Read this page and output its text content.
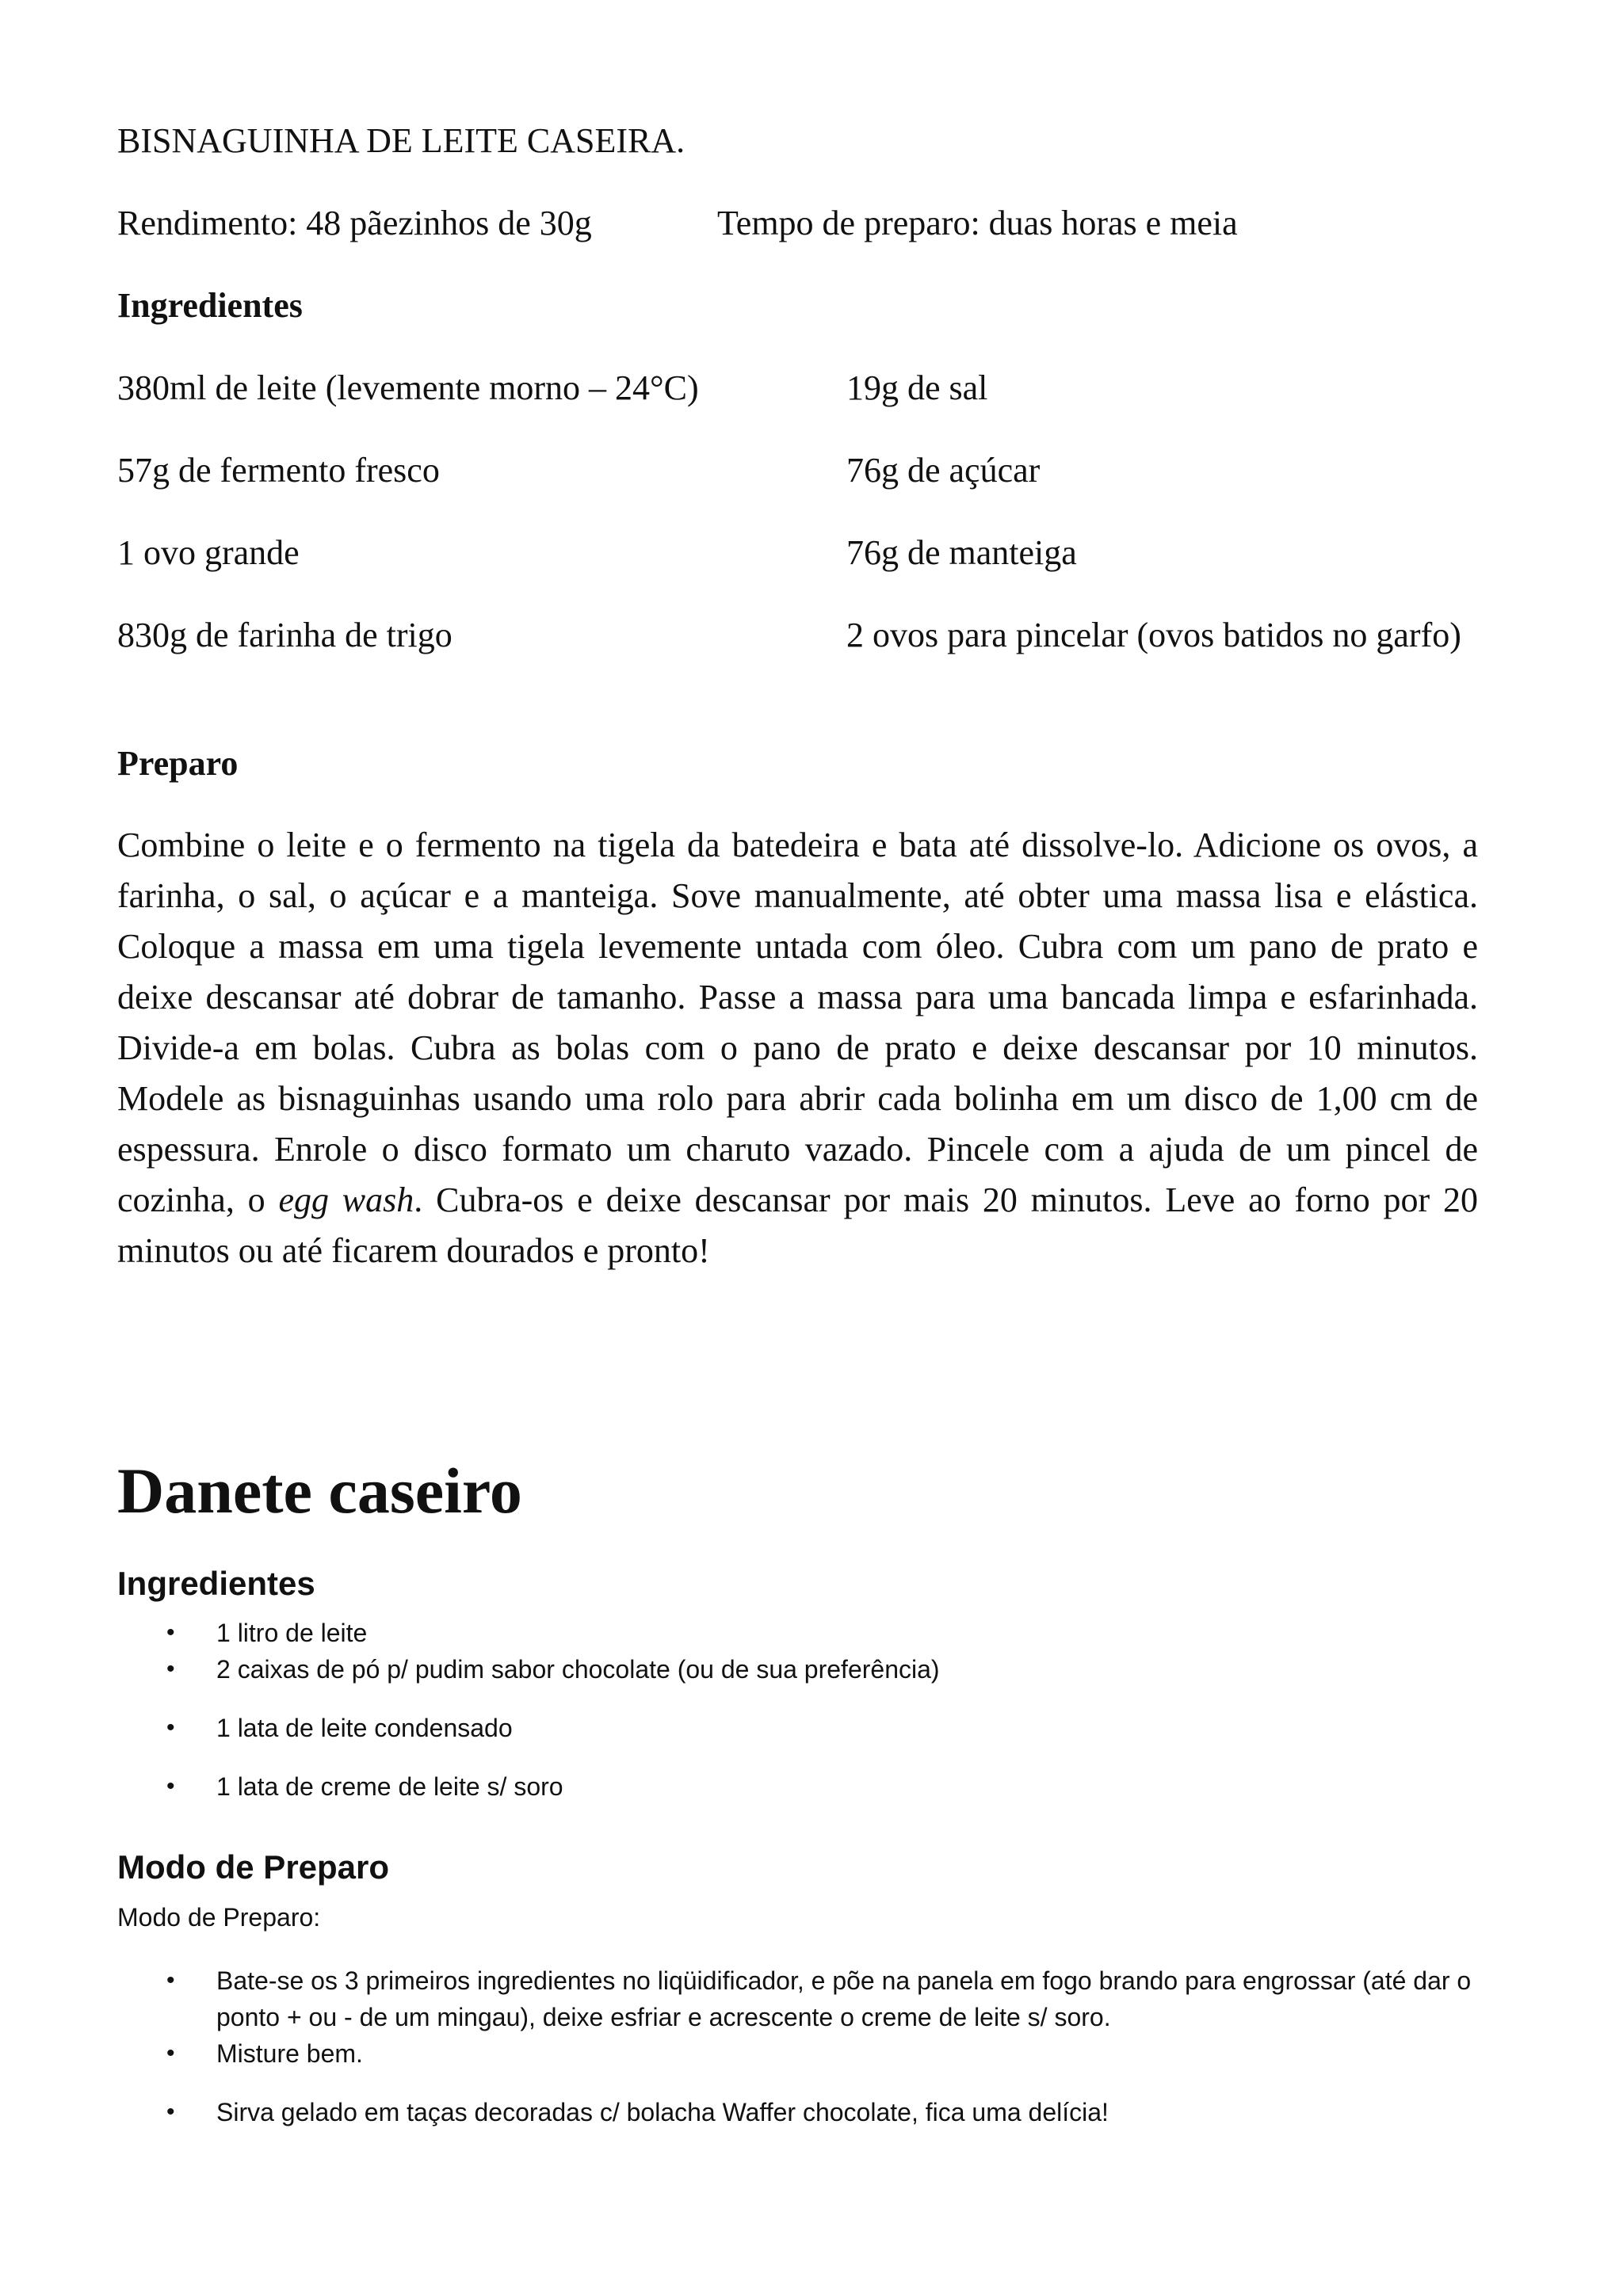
BISNAGUINHA DE LEITE CASEIRA.

Rendimento: 48 pãezinhos de 30g	Tempo de preparo: duas horas e meia

Ingredientes

380ml de leite (levemente morno – 24°C)

57g de fermento fresco

1 ovo grande

830g de farinha de trigo

19g de sal

76g de açúcar

76g de manteiga

2 ovos para pincelar (ovos batidos no garfo)

Preparo

Combine o leite e o fermento na tigela da batedeira e bata até dissolve-lo. Adicione os ovos, a farinha, o sal, o açúcar e a manteiga. Sove manualmente, até obter uma massa lisa e elástica. Coloque a massa em uma tigela levemente untada com óleo. Cubra com um pano de prato e deixe descansar até dobrar de tamanho. Passe a massa para uma bancada limpa e esfarinhada. Divide-a em bolas. Cubra as bolas com o pano de prato e deixe descansar por 10 minutos. Modele as bisnaguinhas usando uma rolo para abrir cada bolinha em um disco de 1,00 cm de espessura. Enrole o disco formato um charuto vazado. Pincele com a ajuda de um pincel de cozinha, o egg wash. Cubra-os e deixe descansar por mais 20 minutos. Leve ao forno por 20 minutos ou até ficarem dourados e pronto!

Danete caseiro

Ingredientes

• 1 litro de leite
• 2 caixas de pó p/ pudim sabor chocolate (ou de sua preferência)
• 1 lata de leite condensado
• 1 lata de creme de leite s/ soro

Modo de Preparo

Modo de Preparo:

• Bate-se os 3 primeiros ingredientes no liqüidificador, e põe na panela em fogo brando para engrossar (até dar o ponto + ou - de um mingau), deixe esfriar e acrescente o creme de leite s/ soro.
• Misture bem.
• Sirva gelado em taças decoradas c/ bolacha Waffer chocolate, fica uma delícia!
